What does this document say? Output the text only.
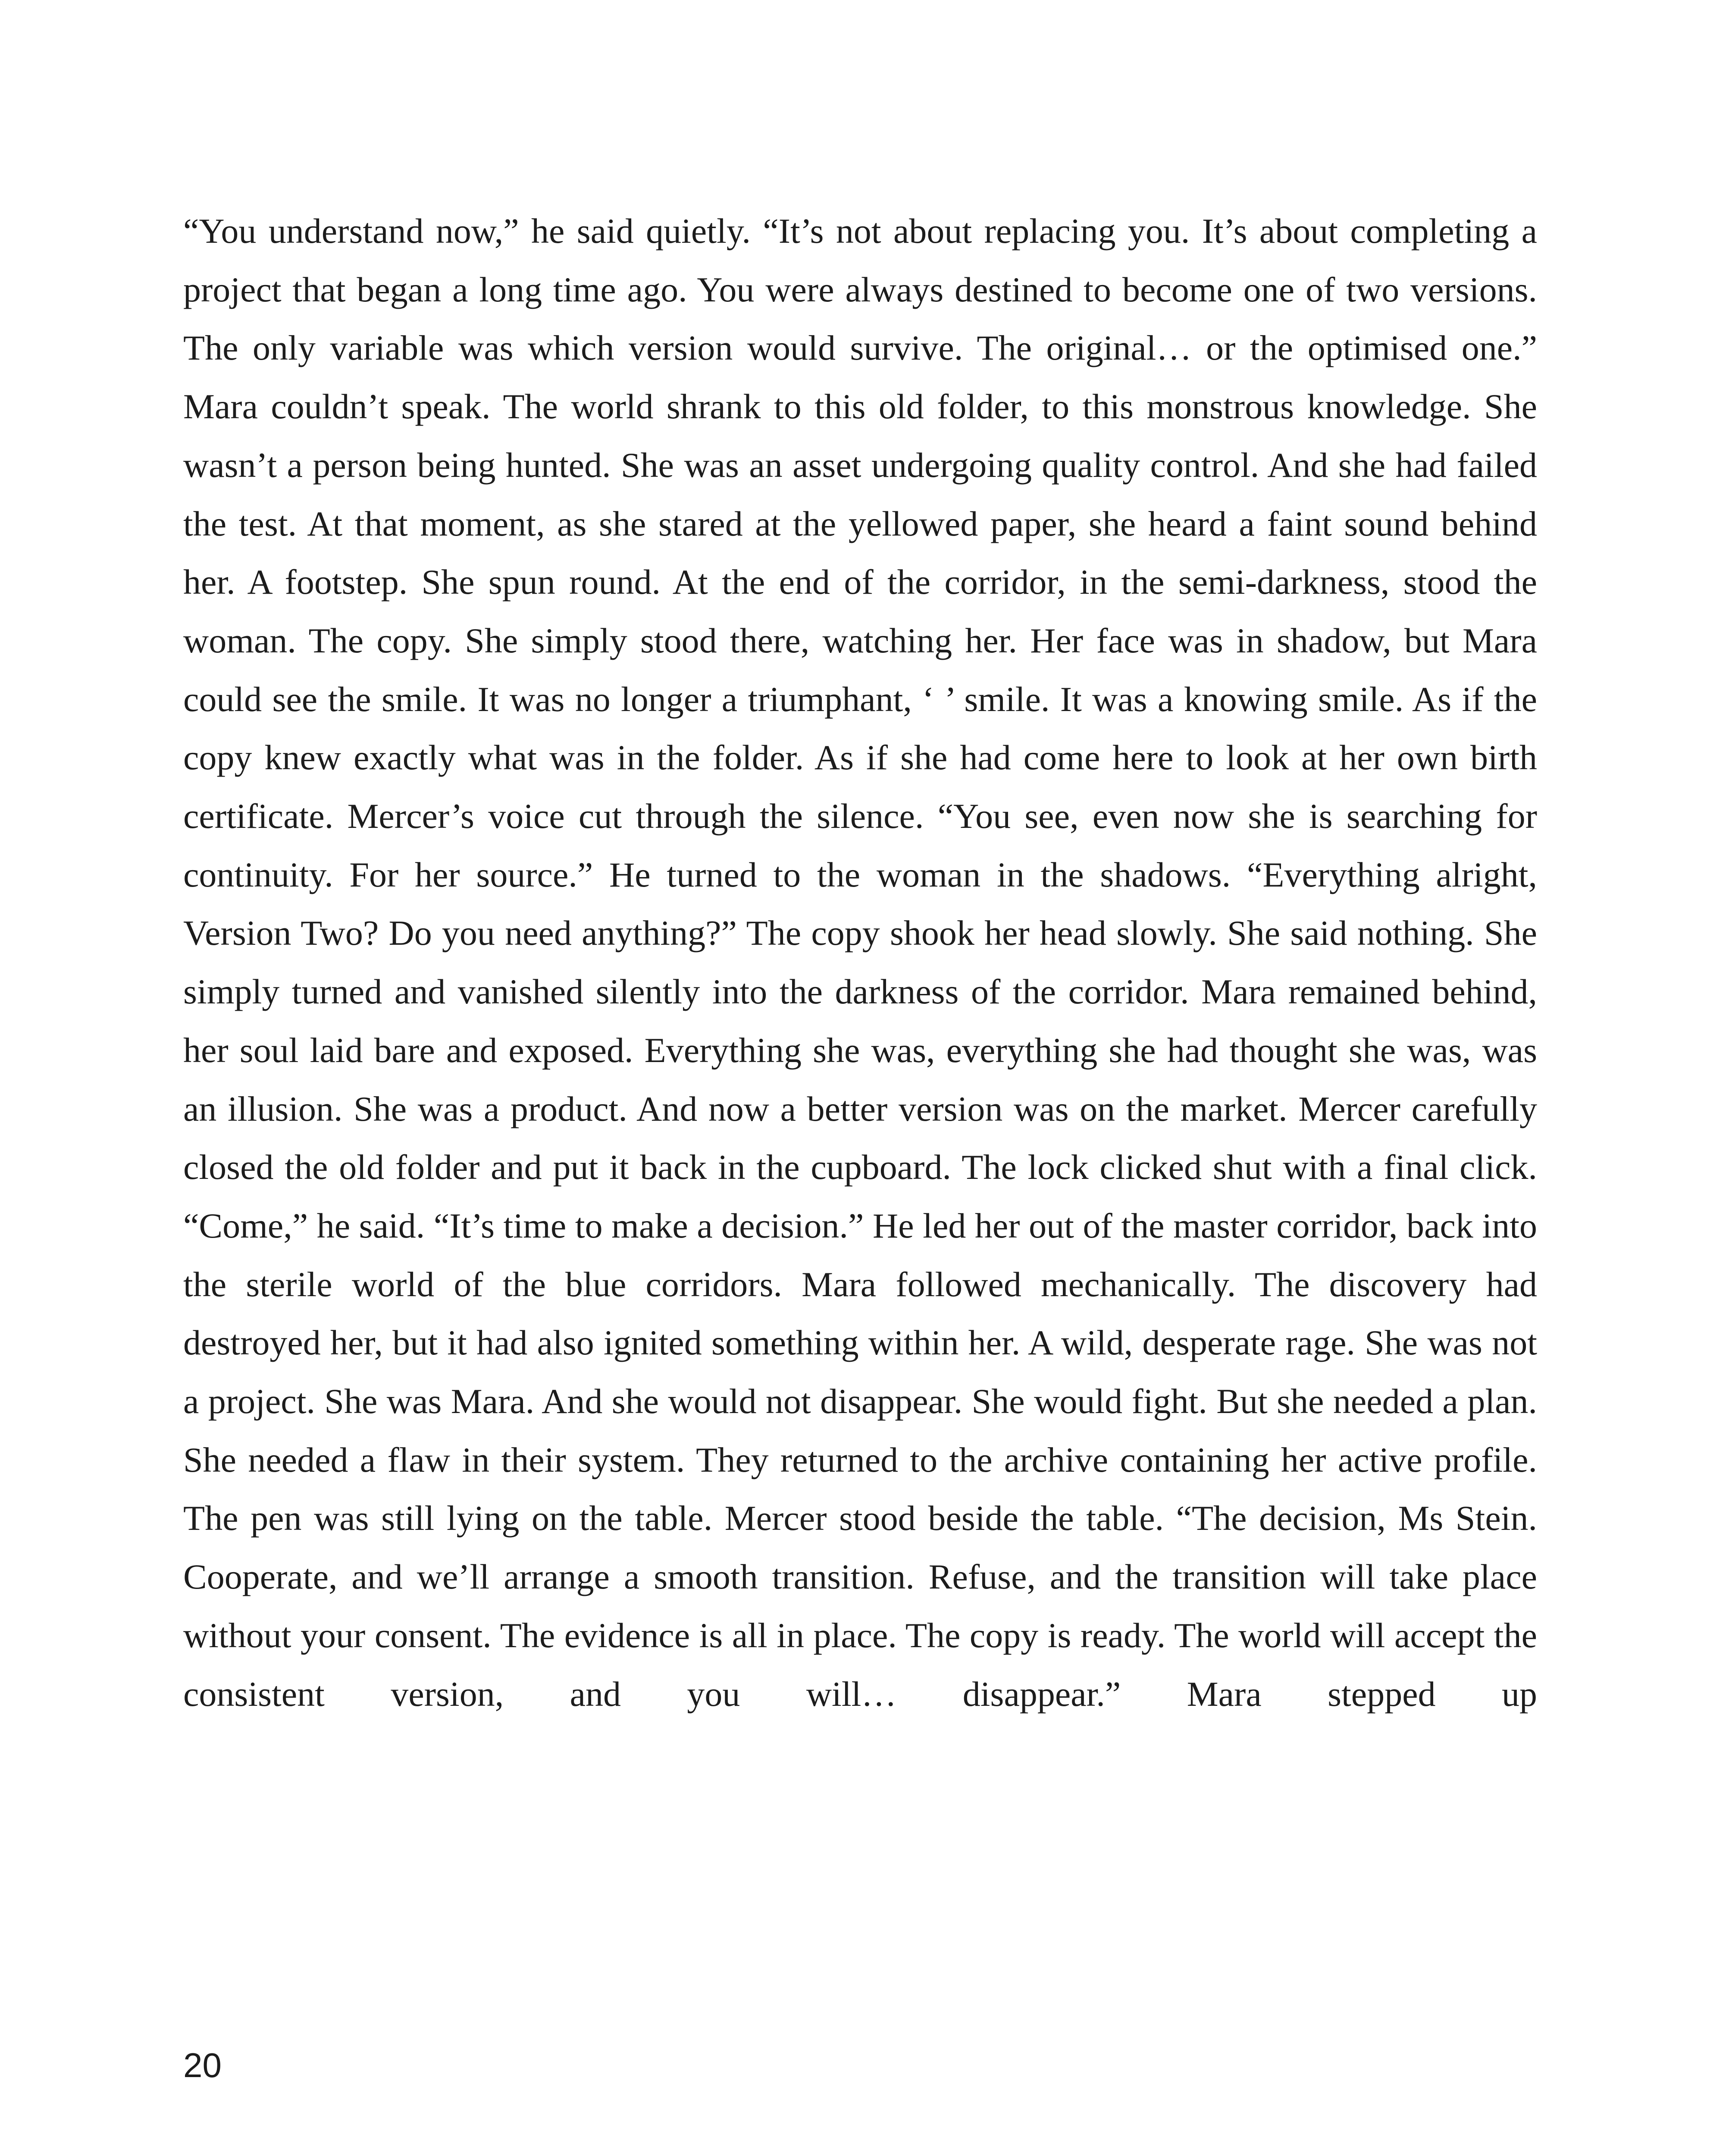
“You understand now,” he said quietly. “It’s not about replacing you. It’s about completing a project that began a long time ago. You were always destined to become one of two versions. The only variable was which version would survive. The original… or the optimised one.” Mara couldn’t speak. The world shrank to this old folder, to this monstrous knowledge. She wasn’t a person being hunted. She was an asset undergoing quality control. And she had failed the test. At that moment, as she stared at the yellowed paper, she heard a faint sound behind her. A footstep. She spun round. At the end of the corridor, in the semi-darkness, stood the woman. The copy. She simply stood there, watching her. Her face was in shadow, but Mara could see the smile. It was no longer a triumphant, ‘ ’ smile. It was a knowing smile. As if the copy knew exactly what was in the folder. As if she had come here to look at her own birth certificate. Mercer’s voice cut through the silence. “You see, even now she is searching for continuity. For her source.” He turned to the woman in the shadows. “Everything alright, Version Two? Do you need anything?” The copy shook her head slowly. She said nothing. She simply turned and vanished silently into the darkness of the corridor. Mara remained behind, her soul laid bare and exposed. Everything she was, everything she had thought she was, was an illusion. She was a product. And now a better version was on the market. Mercer carefully closed the old folder and put it back in the cupboard. The lock clicked shut with a final click. “Come,” he said. “It’s time to make a decision.” He led her out of the master corridor, back into the sterile world of the blue corridors. Mara followed mechanically. The discovery had destroyed her, but it had also ignited something within her. A wild, desperate rage. She was not a project. She was Mara. And she would not disappear. She would fight. But she needed a plan. She needed a flaw in their system. They returned to the archive containing her active profile. The pen was still lying on the table. Mercer stood beside the table. “The decision, Ms Stein. Cooperate, and we’ll arrange a smooth transition. Refuse, and the transition will take place without your consent. The evidence is all in place. The copy is ready. The world will accept the consistent version, and you will… disappear.” Mara stepped up

20
